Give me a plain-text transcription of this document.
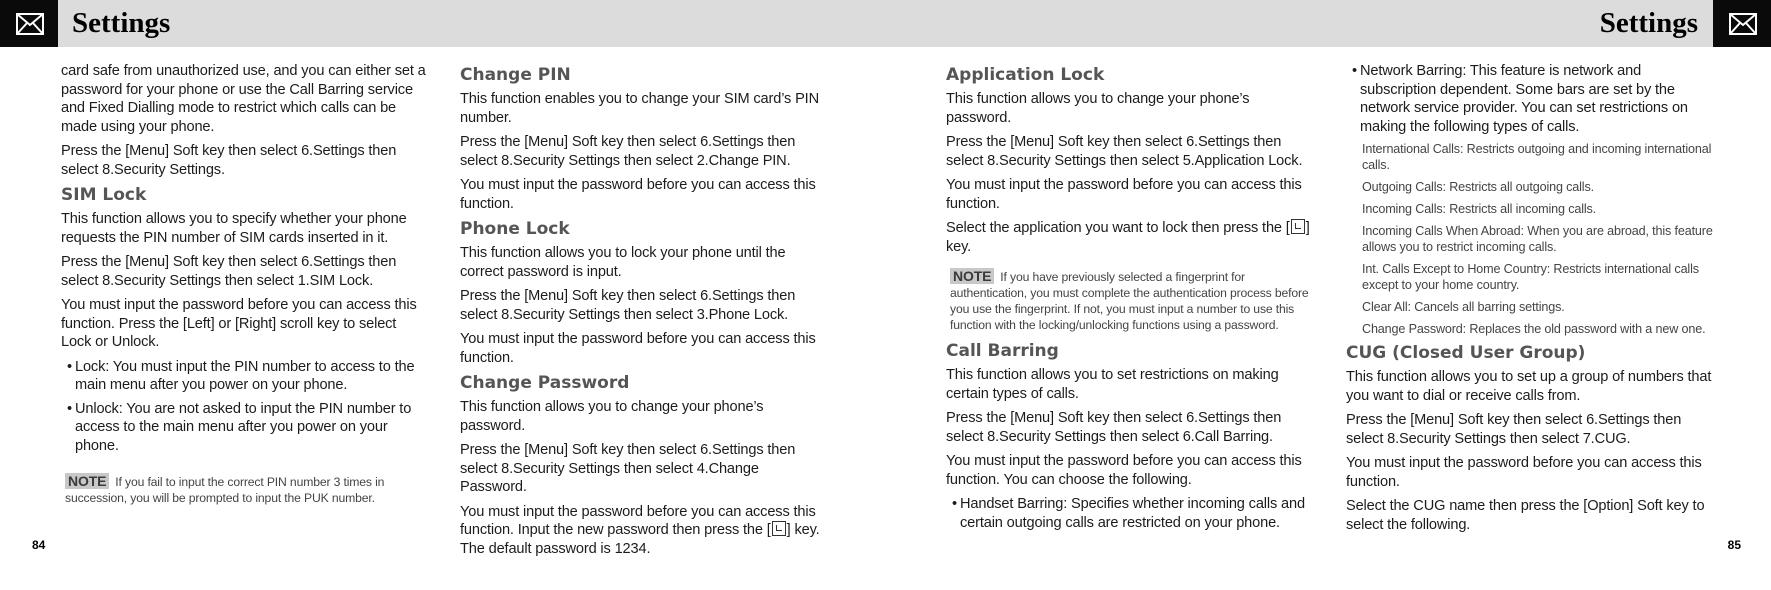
Settings	Settings

card safe from unauthorized use, and you can either set a password for your phone or use the Call Barring service and Fixed Dialling mode to restrict which calls can be made using your phone.

Press the [Menu] Soft key then select 6.Settings then select 8.Security Settings.

SIM Lock

This function allows you to specify whether your phone requests the PIN number of SIM cards inserted in it.

Press the [Menu] Soft key then select 6.Settings then select 8.Security Settings then select 1.SIM Lock.

You must input the password before you can access this function. Press the [Left] or [Right] scroll key to select Lock or Unlock.

• Lock: You must input the PIN number to access to the main menu after you power on your phone.
• Unlock: You are not asked to input the PIN number to access to the main menu after you power on your phone.
NOTE If you fail to input the correct PIN number 3 times in succession, you will be prompted to input the PUK number.
Change PIN

This function enables you to change your SIM card’s PIN number.

Press the [Menu] Soft key then select 6.Settings then select 8.Security Settings then select 2.Change PIN.

You must input the password before you can access this function.

Phone Lock

This function allows you to lock your phone until the correct password is input.

Press the [Menu] Soft key then select 6.Settings then select 8.Security Settings then select 3.Phone Lock.

You must input the password before you can access this function.

Change Password

This function allows you to change your phone’s password.

Press the [Menu] Soft key then select 6.Settings then select 8.Security Settings then select 4.Change Password.

You must input the password before you can access this function. Input the new password then press the [ ] key. The default password is 1234.

Application Lock

This function allows you to change your phone’s password.

Press the [Menu] Soft key then select 6.Settings then select 8.Security Settings then select 5.Application Lock.

You must input the password before you can access this function.

Select the application you want to lock then press the [ ] key.

NOTE If you have previously selected a fingerprint for authentication, you must complete the authentication process before you use the fingerprint. If not, you must input a number to use this function with the locking/unlocking functions using a password.
Call Barring

This function allows you to set restrictions on making certain types of calls.

Press the [Menu] Soft key then select 6.Settings then select 8.Security Settings then select 6.Call Barring.

You must input the password before you can access this function. You can choose the following.

• Handset Barring: Specifies whether incoming calls and certain outgoing calls are restricted on your phone.
• Network Barring: This feature is network and subscription dependent. Some bars are set by the network service provider. You can set restrictions on making the following types of calls.
International Calls: Restricts outgoing and incoming international calls.
Outgoing Calls: Restricts all outgoing calls.
Incoming Calls: Restricts all incoming calls.
Incoming Calls When Abroad: When you are abroad, this feature allows you to restrict incoming calls.
Int. Calls Except to Home Country: Restricts international calls except to your home country.
Clear All: Cancels all barring settings.
Change Password: Replaces the old password with a new one.
CUG (Closed User Group)

This function allows you to set up a group of numbers that you want to dial or receive calls from.

Press the [Menu] Soft key then select 6.Settings then select 8.Security Settings then select 7.CUG.

You must input the password before you can access this function.

Select the CUG name then press the [Option] Soft key to select the following.

84	85
